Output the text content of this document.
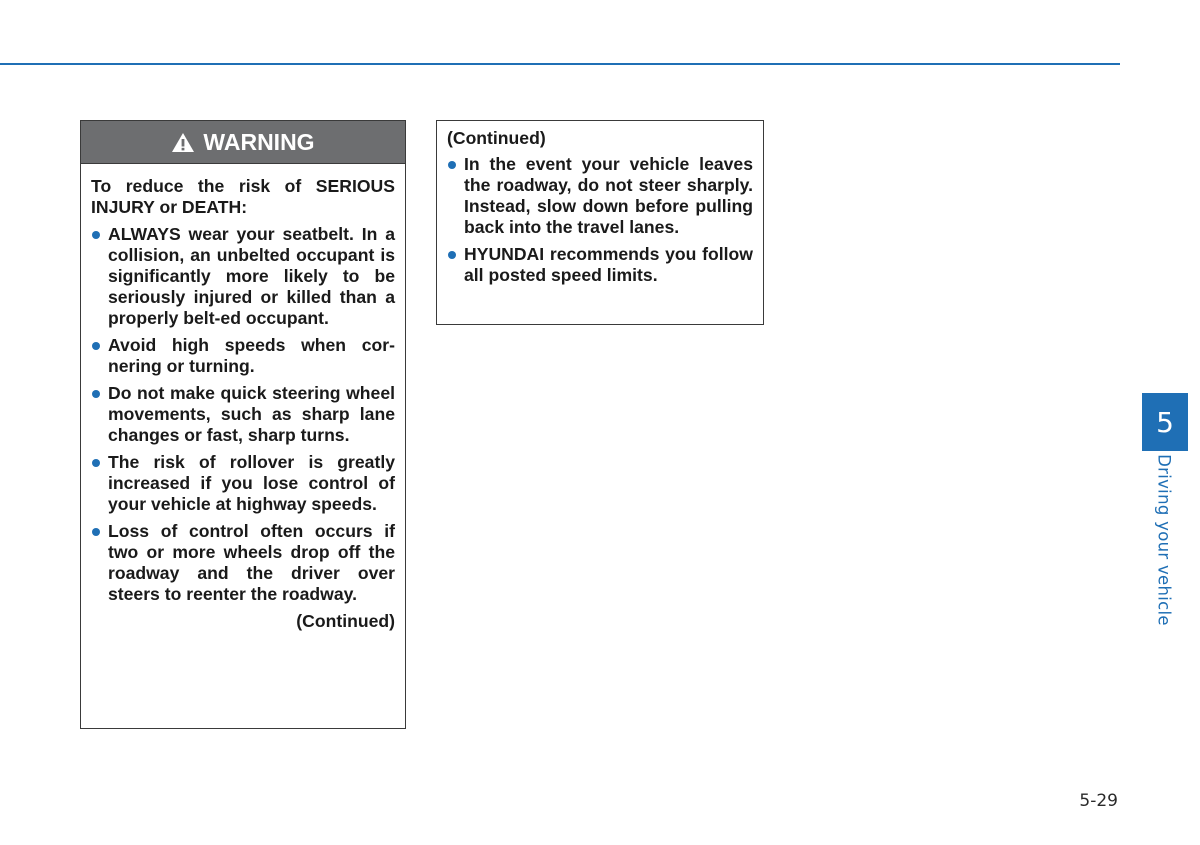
WARNING

To reduce the risk of SERIOUS INJURY or DEATH:

ALWAYS wear your seatbelt. In a collision, an unbelted occupant is significantly more likely to be seriously injured or killed than a properly belt-ed occupant.
Avoid high speeds when cor-nering or turning.
Do not make quick steering wheel movements, such as sharp lane changes or fast, sharp turns.
The risk of rollover is greatly increased if you lose control of your vehicle at highway speeds.
Loss of control often occurs if two or more wheels drop off the roadway and the driver over steers to reenter the roadway.
(Continued)

(Continued)

In the event your vehicle leaves the roadway, do not steer sharply. Instead, slow down before pulling back into the travel lanes.
HYUNDAI recommends you follow all posted speed limits.
5
Driving your vehicle
5-29
